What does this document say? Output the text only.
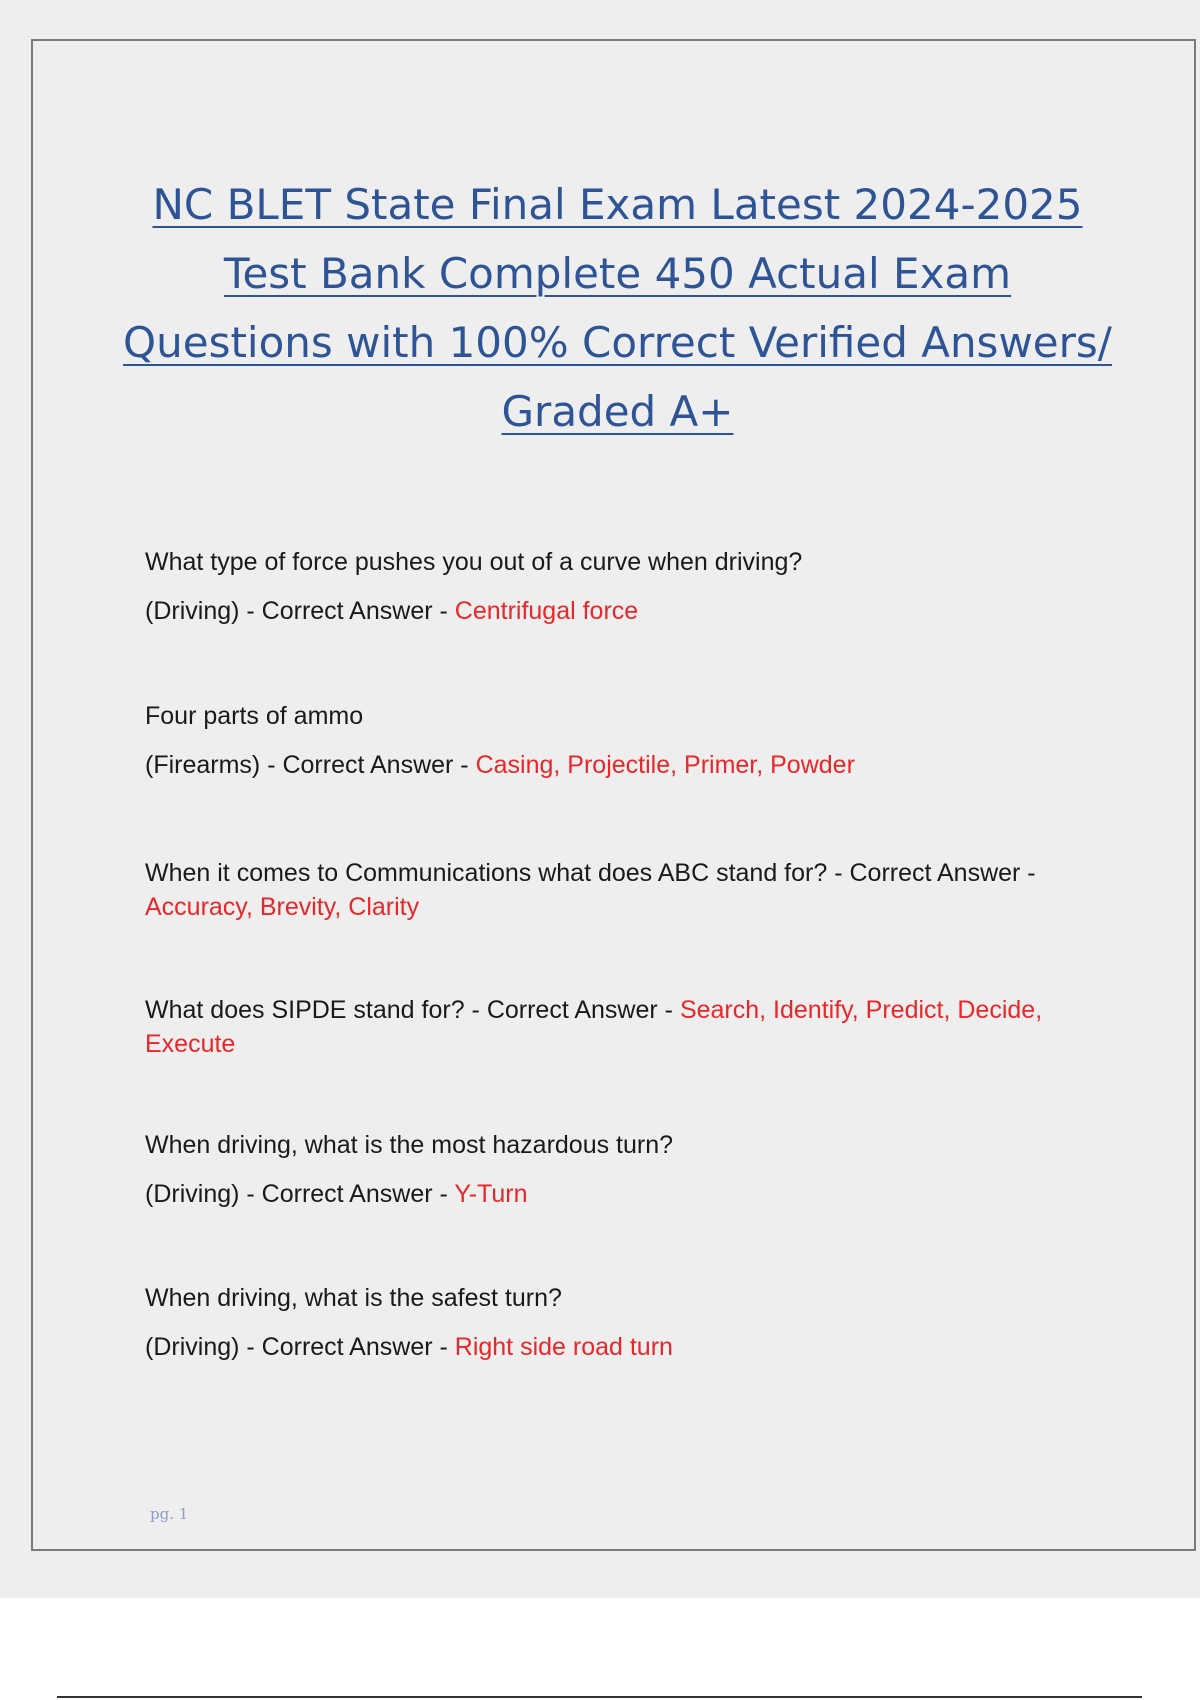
NC BLET State Final Exam Latest 2024-2025 Test Bank Complete 450 Actual Exam Questions with 100% Correct Verified Answers/ Graded A+
What type of force pushes you out of a curve when driving?
(Driving) - Correct Answer - Centrifugal force
Four parts of ammo
(Firearms) - Correct Answer - Casing, Projectile, Primer, Powder
When it comes to Communications what does ABC stand for? - Correct Answer - Accuracy, Brevity, Clarity
What does SIPDE stand for? - Correct Answer - Search, Identify, Predict, Decide, Execute
When driving, what is the most hazardous turn?
(Driving) - Correct Answer - Y-Turn
When driving, what is the safest turn?
(Driving) - Correct Answer - Right side road turn
pg. 1
